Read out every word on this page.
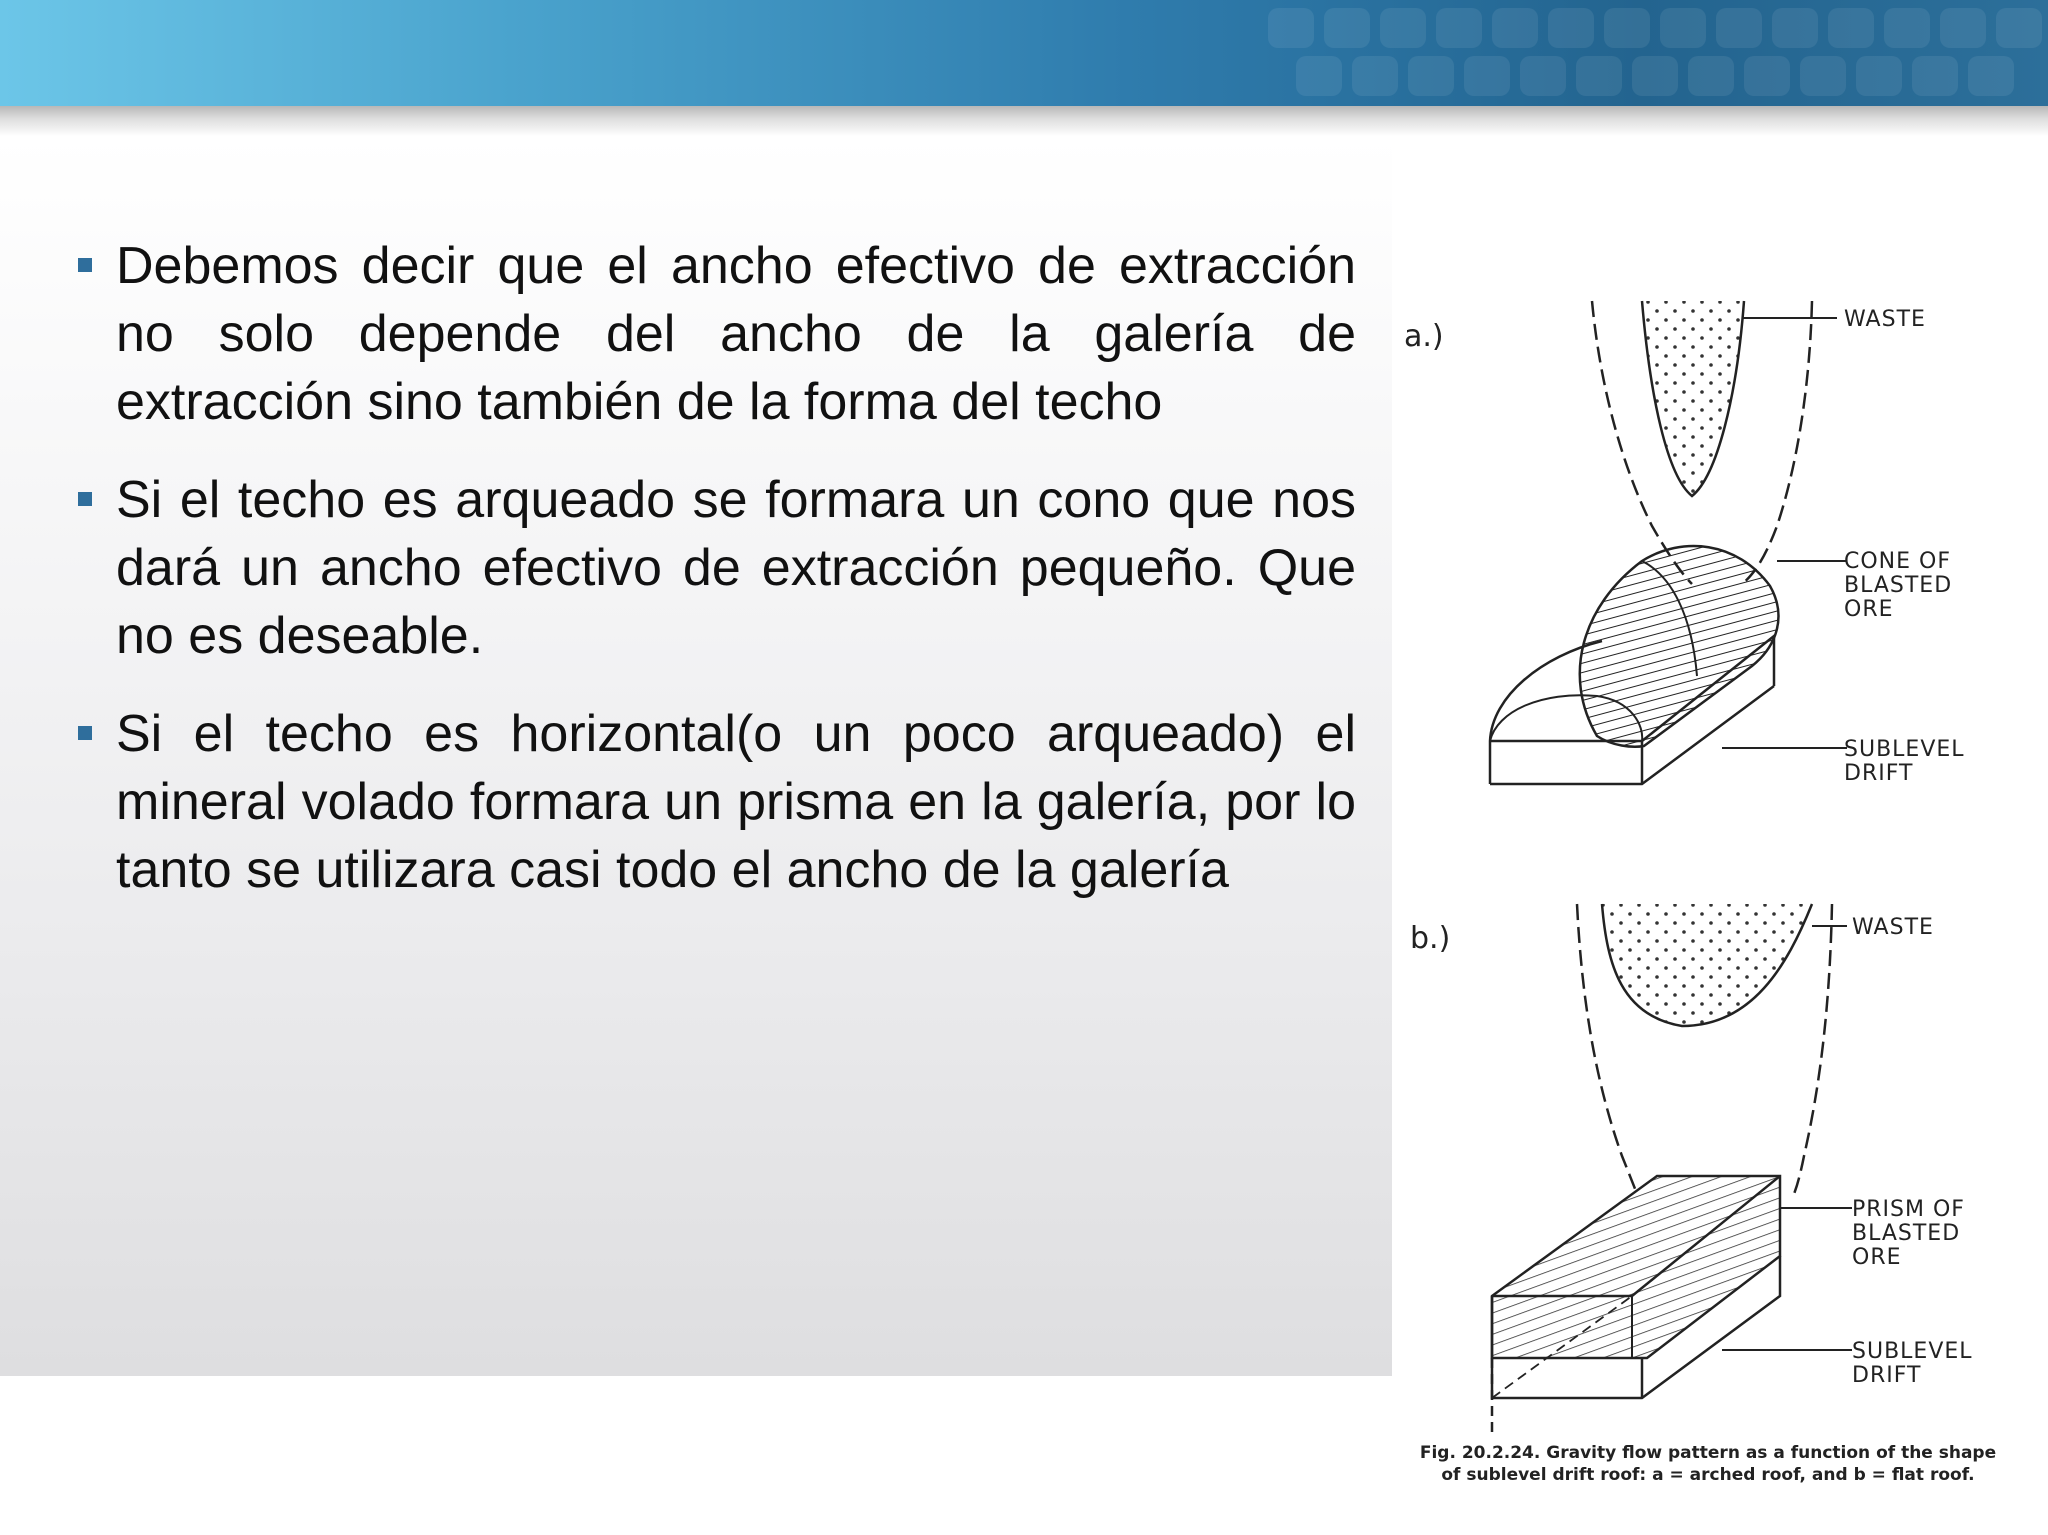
Debemos decir que el ancho efectivo de extracción no solo depende del ancho de la galería de extracción sino también de la forma del techo
Si el techo es arqueado se formara un cono que nos dará un ancho efectivo de extracción pequeño. Que no es deseable.
Si el techo es horizontal(o un poco arqueado) el mineral volado formara un prisma en la galería, por lo tanto se utilizara casi todo el ancho de la galería
a.)	WASTE
CONE OF
BLASTED
ORE
SUBLEVEL
DRIFT
b.)	WASTE
PRISM OF
BLASTED
ORE
SUBLEVEL
DRIFT
Fig. 20.2.24. Gravity flow pattern as a function of the shape of sublevel drift roof: a = arched roof, and b = flat roof.
